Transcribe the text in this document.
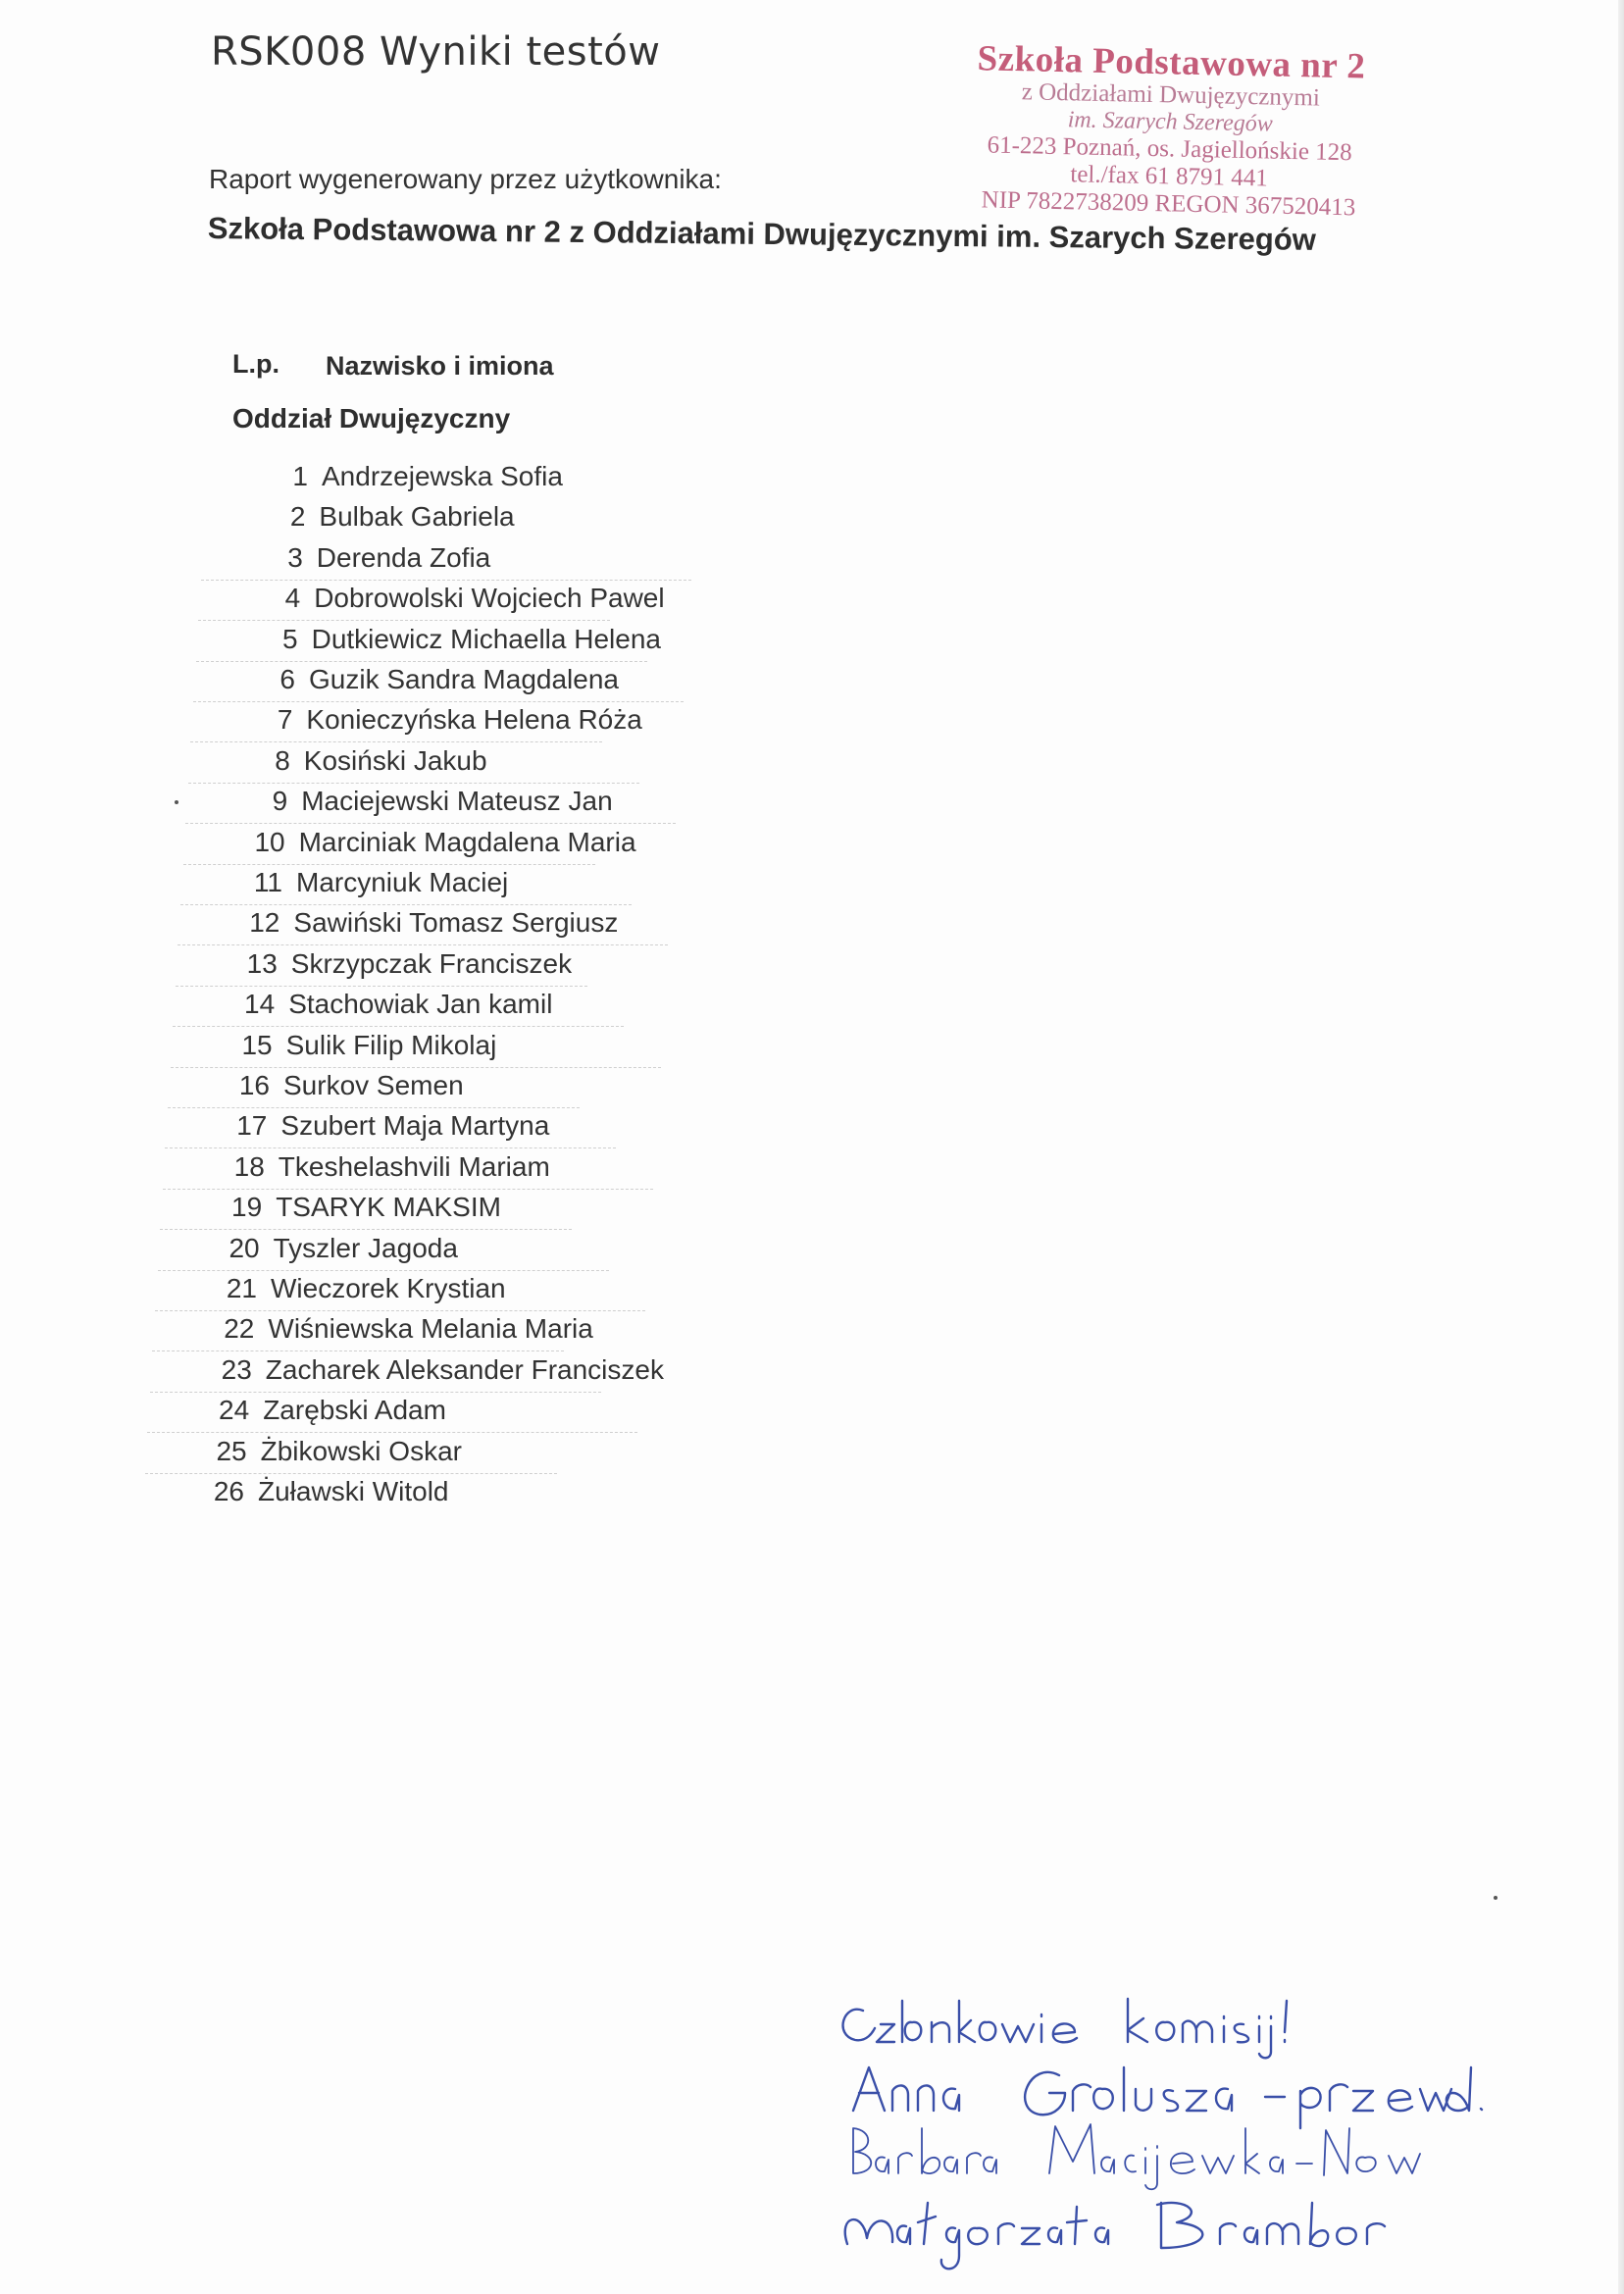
RSK008 Wyniki testów	Szkoła Podstawowa nr 2
z Oddziałami Dwujęzycznymi
im. Szarych Szeregów
61-223 Poznań, os. Jagiellońskie 128
tel./fax 61 8791 441
NIP 7822738209 REGON 367520413
Raport wygenerowany przez użytkownika:
Szkoła Podstawowa nr 2 z Oddziałami Dwujęzycznymi im. Szarych Szeregów
L.p. Nazwisko i imiona
Oddział Dwujęzyczny
1 Andrzejewska Sofia
2 Bulbak Gabriela
3 Derenda Zofia
4 Dobrowolski Wojciech Pawel
5 Dutkiewicz Michaella Helena
6 Guzik Sandra Magdalena
7 Konieczyńska Helena Róża
8 Kosiński Jakub
9 Maciejewski Mateusz Jan
10 Marciniak Magdalena Maria
11 Marcyniuk Maciej
12 Sawiński Tomasz Sergiusz
13 Skrzypczak Franciszek
14 Stachowiak Jan kamil
15 Sulik Filip Mikolaj
16 Surkov Semen
17 Szubert Maja Martyna
18 Tkeshelashvili Mariam
19 TSARYK MAKSIM
20 Tyszler Jagoda
21 Wieczorek Krystian
22 Wiśniewska Melania Maria
23 Zacharek Aleksander Franciszek
24 Zarębski Adam
25 Żbikowski Oskar
26 Żuławski Witold
